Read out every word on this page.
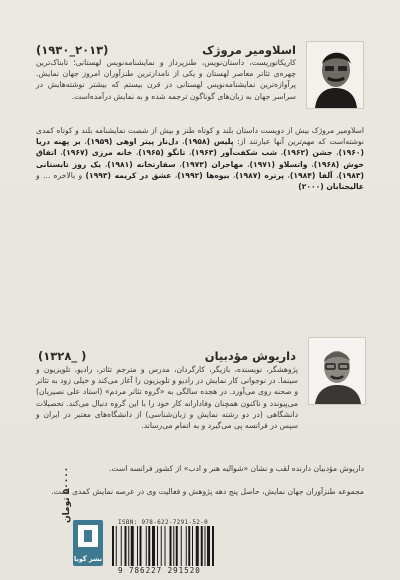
اسلاومیر مروژک
(۱۹۳۰_۲۰۱۳)
کاریکاتوریست، داستان‌نویس، طنزپرداز و نمایشنامه‌نویس لهستانی؛ تابناک‌ترین چهره‌ی تئاتر معاصر لهستان و یکی از نامدارترین طنزآوران امروز جهان نمایش. پرآوازه‌ترین نمایشنامه‌نویس لهستانی در قرن بیستم که بیشتر نوشته‌هایش در سراسر جهان به زبان‌های گوناگون ترجمه شده و به نمایش درآمده‌است.
اسلاومیر مروژک بیش از دویست داستان بلند و کوتاه طنز و بیش از شصت نمایشنامه بلند و کوتاه کمدی نوشته‌است که مهم‌ترین آنها عبارتند از: پلیس (۱۹۵۸)، دل‌ناز پیتر اوهی (۱۹۵۹)، بر پهنه دریا (۱۹۶۰)، جشن (۱۹۶۲)، شب شکفت‌آور (۱۹۶۳)، تانگو (۱۹۶۵)، خانه مرزی (۱۹۶۷)، اتفاق خوش (۱۹۶۸)، واتسلاو (۱۹۷۱)، مهاجران (۱۹۷۳)، سفارتخانه (۱۹۸۱)، یک روز تابستانی (۱۹۸۳)، آلفا (۱۹۸۴)، پرتره (۱۹۸۷)، بیوه‌ها (۱۹۹۲)، عشق در کریمه (۱۹۹۳) و بالاخره ... و عالیجنابان (۲۰۰۰)
داریوش مؤدبیان
(۱۳۲۸_ )
پژوهشگر، نویسنده، بازیگر، کارگردان، مدرس و مترجم تئاتر، رادیو، تلویزیون و سینما. در نوجوانی کار نمایش در رادیو و تلویزیون را آغاز می‌کند و خیلی زود به تئاتر و صحنه روی می‌آورد. در هجده سالگی به «گروه تئاتر مردم» (استاد علی نصیریان) می‌پیوندد و تاکنون همچنان وفادارانه کار خود را با این گروه دنبال می‌کند. تحصیلات دانشگاهی (در دو رشته نمایش و زبان‌شناسی) از دانشگاه‌های معتبر در ایران و سپس در فرانسه پی می‌گیرد و به اتمام می‌رساند.
داریوش مؤدبیان دارنده لقب و نشان «شوالیه هنر و ادب» از کشور فرانسه است.
مجموعه طنزآوران جهان نمایش، حاصل پنج دهه پژوهش و فعالیت وی در عرصه نمایش کمدی است.
۵۰۰۰۰ تومان
نشر گویا
ISBN: 978-622-7291-52-0
9 786227 291520
